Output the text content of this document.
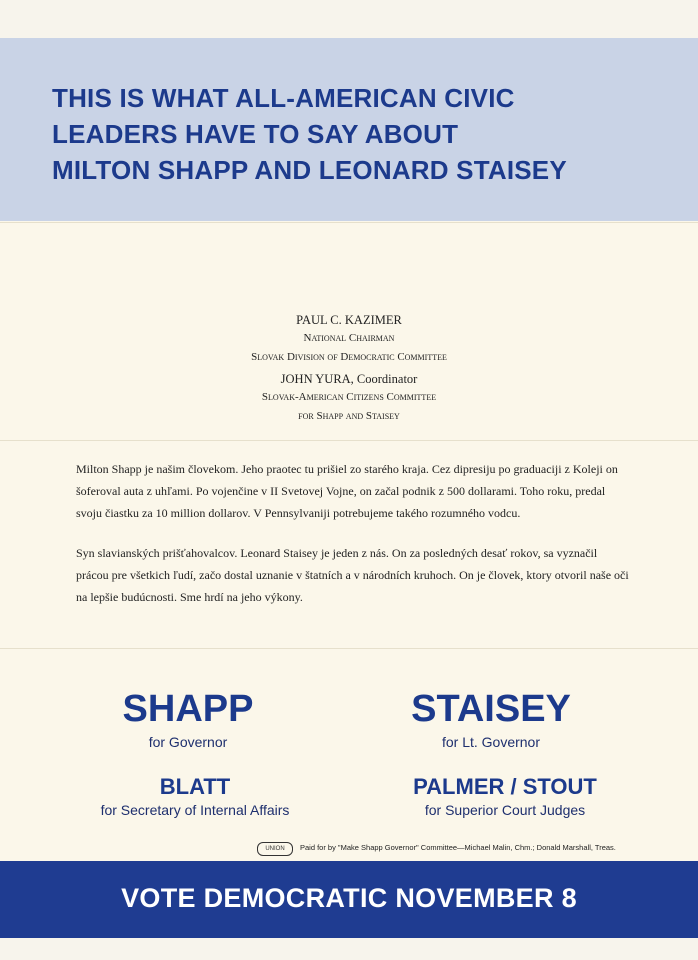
THIS IS WHAT ALL-AMERICAN CIVIC
LEADERS HAVE TO SAY ABOUT
MILTON SHAPP AND LEONARD STAISEY

PAUL C. KAZIMER

National Chairman

Slovak Division of Democratic Committee

JOHN YURA, Coordinator

Slovak-American Citizens Committee

for Shapp and Staisey

Milton Shapp je našim človekom. Jeho praotec tu prišiel zo starého kraja. Cez dipresiju po graduaciji z Koleji on šoferoval auta z uhľami. Po vojenčine v II Svetovej Vojne, on začal podnik z 500 dollarami. Toho roku, predal svoju čiastku za 10 million dollarov. V Pennsylvaniji potrebujeme takého rozumného vodcu.

Syn slavianských prišťahovalcov. Leonard Staisey je jeden z nás. On za posledných desať rokov, sa vyznačil prácou pre všetkich ľudí, začo dostal uznanie v štatních a v národních kruhoch. On je človek, ktory otvoril naše oči na lepšie budúcnosti. Sme hrdí na jeho výkony.

SHAPP
for Governor
STAISEY
for Lt. Governor
BLATT
for Secretary of Internal Affairs
PALMER / STOUT
for Superior Court Judges
UNION	Paid for by "Make Shapp Governor" Committee—Michael Malin, Chm.; Donald Marshall, Treas.
VOTE DEMOCRATIC NOVEMBER 8
